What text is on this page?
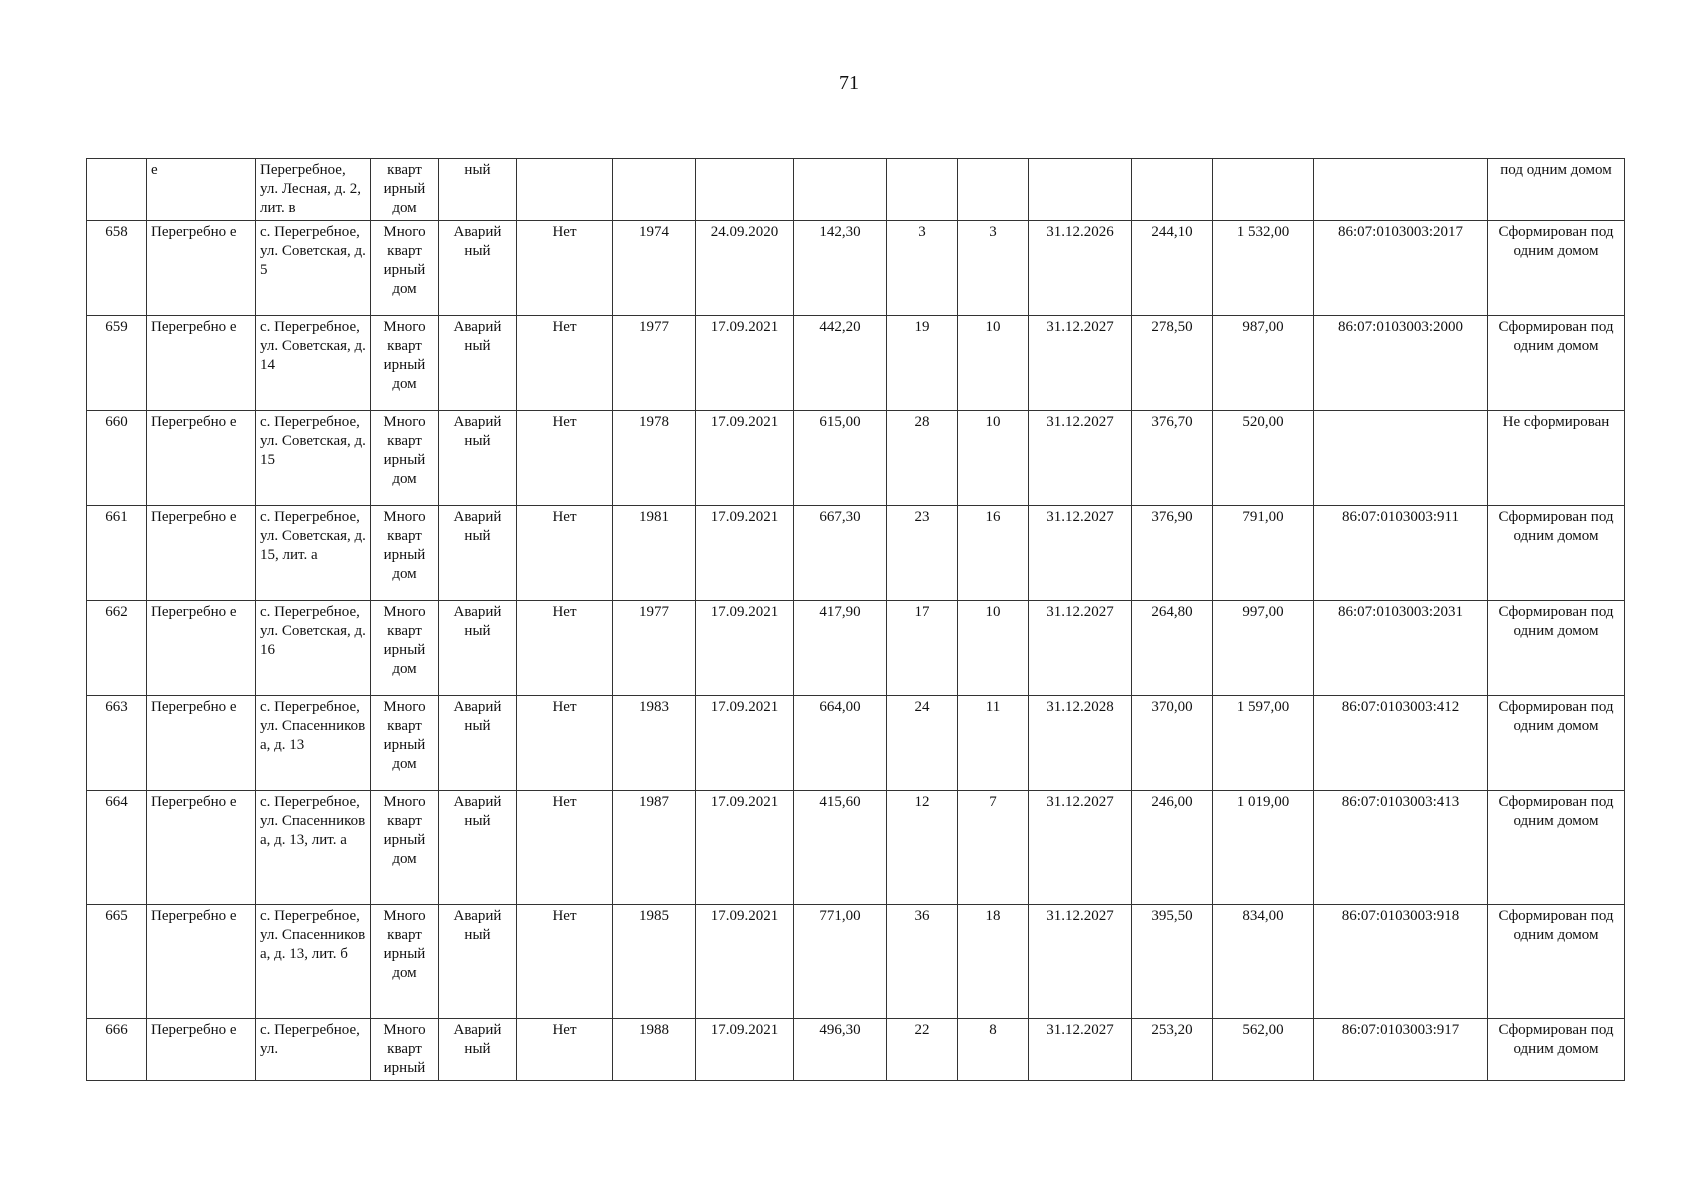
71
	е	Перегребное, ул. Лесная, д. 2, лит. в	кварт ирный дом	ный											под одним домом
658	Перегребно е	с. Перегребное, ул. Советская, д. 5	Много кварт ирный дом	Аварий ный	Нет	1974	24.09.2020	142,30	3	3	31.12.2026	244,10	1 532,00	86:07:0103003:2017	Сформирован под одним домом
659	Перегребно е	с. Перегребное, ул. Советская, д. 14	Много кварт ирный дом	Аварий ный	Нет	1977	17.09.2021	442,20	19	10	31.12.2027	278,50	987,00	86:07:0103003:2000	Сформирован под одним домом
660	Перегребно е	с. Перегребное, ул. Советская, д. 15	Много кварт ирный дом	Аварий ный	Нет	1978	17.09.2021	615,00	28	10	31.12.2027	376,70	520,00		Не сформирован
661	Перегребно е	с. Перегребное, ул. Советская, д. 15, лит. а	Много кварт ирный дом	Аварий ный	Нет	1981	17.09.2021	667,30	23	16	31.12.2027	376,90	791,00	86:07:0103003:911	Сформирован под одним домом
662	Перегребно е	с. Перегребное, ул. Советская, д. 16	Много кварт ирный дом	Аварий ный	Нет	1977	17.09.2021	417,90	17	10	31.12.2027	264,80	997,00	86:07:0103003:2031	Сформирован под одним домом
663	Перегребно е	с. Перегребное, ул. Спасенников а, д. 13	Много кварт ирный дом	Аварий ный	Нет	1983	17.09.2021	664,00	24	11	31.12.2028	370,00	1 597,00	86:07:0103003:412	Сформирован под одним домом
664	Перегребно е	с. Перегребное, ул. Спасенников а, д. 13, лит. а	Много кварт ирный дом	Аварий ный	Нет	1987	17.09.2021	415,60	12	7	31.12.2027	246,00	1 019,00	86:07:0103003:413	Сформирован под одним домом
665	Перегребно е	с. Перегребное, ул. Спасенников а, д. 13, лит. б	Много кварт ирный дом	Аварий ный	Нет	1985	17.09.2021	771,00	36	18	31.12.2027	395,50	834,00	86:07:0103003:918	Сформирован под одним домом
666	Перегребно е	с. Перегребное, ул.	Много кварт ирный	Аварий ный	Нет	1988	17.09.2021	496,30	22	8	31.12.2027	253,20	562,00	86:07:0103003:917	Сформирован под одним домом
